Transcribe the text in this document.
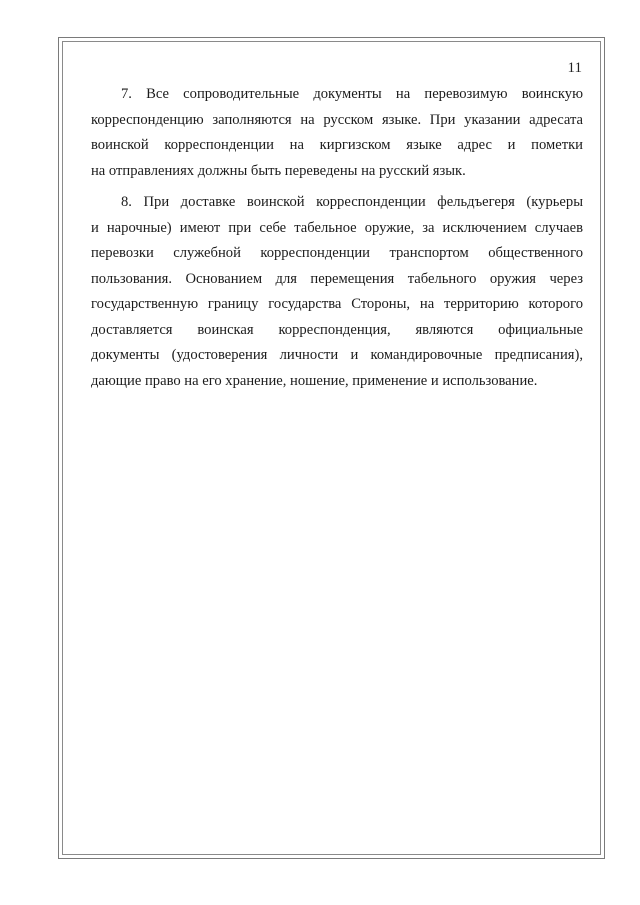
11
7. Все сопроводительные документы на перевозимую воинскую
корреспонденцию заполняются на русском языке. При указании адресата
воинской корреспонденции на киргизском языке адрес и пометки
на отправлениях должны быть переведены на русский язык.
8. При доставке воинской корреспонденции фельдъегеря (курьеры
и нарочные) имеют при себе табельное оружие, за исключением случаев
перевозки служебной корреспонденции транспортом общественного
пользования. Основанием для перемещения табельного оружия через
государственную границу государства Стороны, на территорию которого
доставляется воинская корреспонденция, являются официальные
документы (удостоверения личности и командировочные предписания),
дающие право на его хранение, ношение, применение и использование.
